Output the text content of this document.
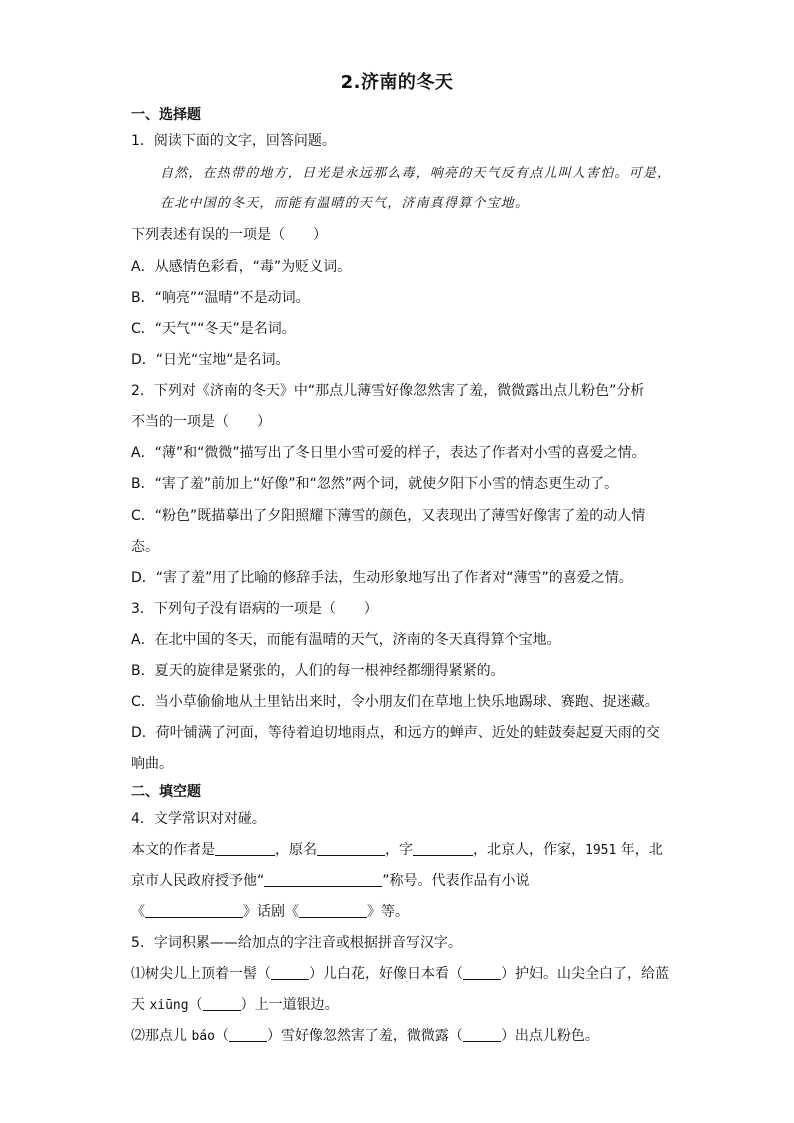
2.济南的冬天
一、选择题
1．阅读下面的文字，回答问题。
自然，在热带的地方，日光是永远那么毒，响亮的天气反有点儿叫人害怕。可是，
在北中国的冬天，而能有温晴的天气，济南真得算个宝地。
下列表述有误的一项是（　　）
A．从感情色彩看，“毒”为贬义词。
B．“响亮”“温晴”不是动词。
C．“天气”“冬天”是名词。
D．“日光“宝地“是名词。
2．下列对《济南的冬天》中“那点儿薄雪好像忽然害了羞，微微露出点儿粉色”分析
不当的一项是（　　）
A．“薄”和“微微”描写出了冬日里小雪可爱的样子，表达了作者对小雪的喜爱之情。
B．“害了羞”前加上“好像”和“忽然”两个词，就使夕阳下小雪的情态更生动了。
C．“粉色”既描摹出了夕阳照耀下薄雪的颜色，又表现出了薄雪好像害了羞的动人情
态。
D．“害了羞”用了比喻的修辞手法，生动形象地写出了作者对“薄雪”的喜爱之情。
3．下列句子没有语病的一项是（　　）
A．在北中国的冬天，而能有温晴的天气，济南的冬天真得算个宝地。
B．夏天的旋律是紧张的，人们的每一根神经都绷得紧紧的。
C．当小草偷偷地从土里钻出来时，令小朋友们在草地上快乐地踢球、赛跑、捉迷藏。
D．荷叶铺满了河面，等待着迫切地雨点，和远方的蝉声、近处的蛙鼓奏起夏天雨的交
响曲。
二、填空题
4．文学常识对对碰。
本文的作者是	，原名	，字	，北京人，作家，1951 年，北
京市人民政府授予他“	”称号。代表作品有小说
《	》话剧《	》等。
5．字词积累——给加点的字注音或根据拼音写汉字。
⑴树尖儿上顶着一髻（	）儿白花，好像日本看（	）护妇。山尖全白了，给蓝
天 xiūng（	）上一道银边。
⑵那点儿 báo（	）雪好像忽然害了羞，微微露（	）出点儿粉色。
